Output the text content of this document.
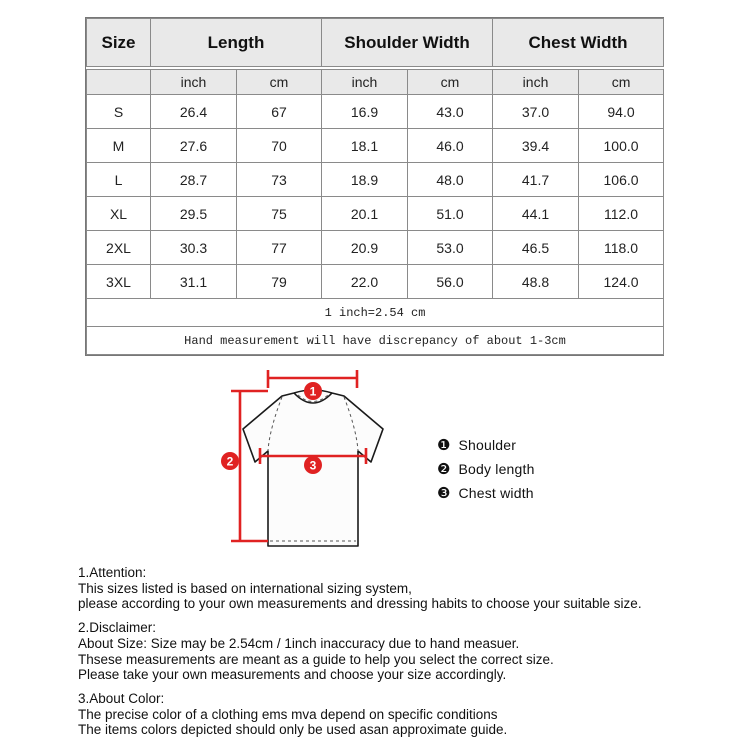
Size	Length		Shoulder Width		Chest Width	

	inch	cm	inch	cm	inch	cm
S	26.4	67	16.9	43.0	37.0	94.0
M	27.6	70	18.1	46.0	39.4	100.0
L	28.7	73	18.9	48.0	41.7	106.0
XL	29.5	75	20.1	51.0	44.1	112.0
2XL	30.3	77	20.9	53.0	46.5	118.0
3XL	31.1	79	22.0	56.0	48.8	124.0
1 inch=2.54 cm						
Hand measurement will have discrepancy of about 1-3cm						
1
2	3
❶ Shoulder
❷ Body length
❸ Chest width
1.Attention:
This sizes listed is based on international sizing system,
please according to your own measurements and dressing habits to choose your suitable size.
2.Disclaimer:
About Size: Size may be 2.54cm / 1inch inaccuracy due to hand measuer.
Thsese measurements are meant as a guide to help you select the correct size.
Please take your own measurements and choose your size accordingly.
3.About Color:
The precise color of a clothing ems mva depend on specific conditions
The items colors depicted should only be used asan approximate guide.
